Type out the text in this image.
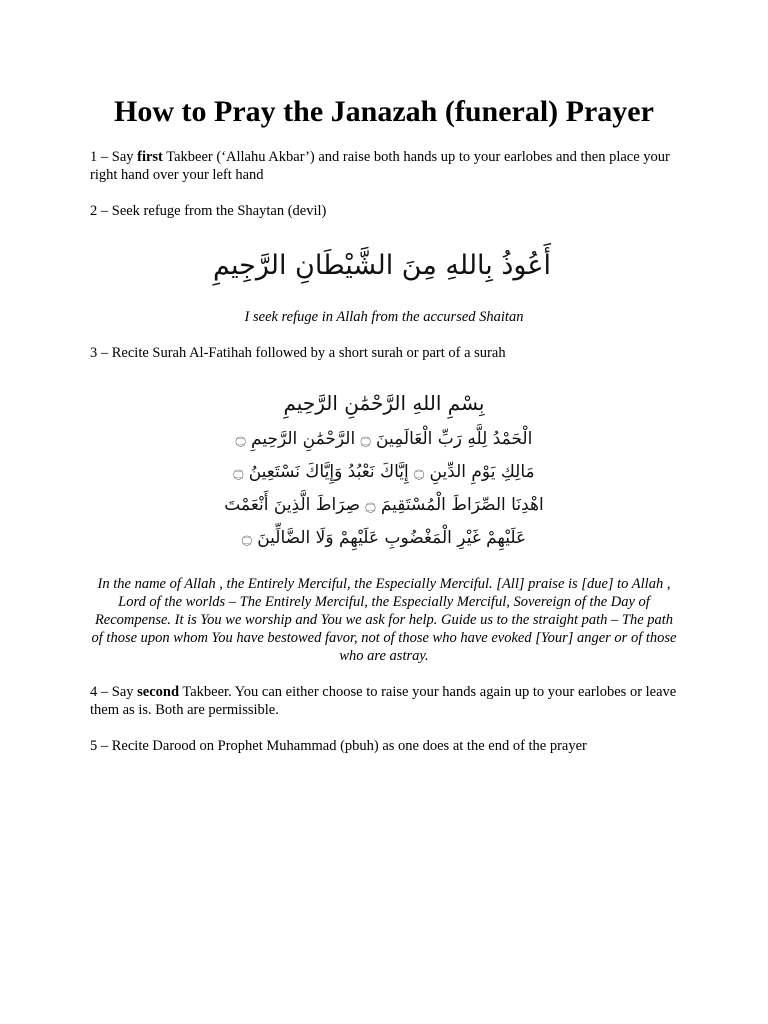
How to Pray the Janazah (funeral) Prayer

1 – Say first Takbeer (‘Allahu Akbar’) and raise both hands up to your earlobes and then place your right hand over your left hand

2 – Seek refuge from the Shaytan (devil)

أَعُوذُ بِاللهِ مِنَ الشَّيْطَانِ الرَّجِيمِ

I seek refuge in Allah from the accursed Shaitan

3 – Recite Surah Al-Fatihah followed by a short surah or part of a surah

بِسْمِ اللهِ الرَّحْمَٰنِ الرَّحِيمِ
الْحَمْدُ لِلَّهِ رَبِّ الْعَالَمِينَ ۝ الرَّحْمَٰنِ الرَّحِيمِ ۝
مَالِكِ يَوْمِ الدِّينِ ۝ إِيَّاكَ نَعْبُدُ وَإِيَّاكَ نَسْتَعِينُ ۝
اهْدِنَا الصِّرَاطَ الْمُسْتَقِيمَ ۝ صِرَاطَ الَّذِينَ أَنْعَمْتَ
عَلَيْهِمْ غَيْرِ الْمَغْضُوبِ عَلَيْهِمْ وَلَا الضَّالِّينَ ۝

In the name of Allah , the Entirely Merciful, the Especially Merciful. [All] praise is [due] to Allah , Lord of the worlds – The Entirely Merciful, the Especially Merciful, Sovereign of the Day of Recompense. It is You we worship and You we ask for help. Guide us to the straight path – The path of those upon whom You have bestowed favor, not of those who have evoked [Your] anger or of those who are astray.

4 – Say second Takbeer. You can either choose to raise your hands again up to your earlobes or leave them as is. Both are permissible.

5 – Recite Darood on Prophet Muhammad (pbuh) as one does at the end of the prayer
